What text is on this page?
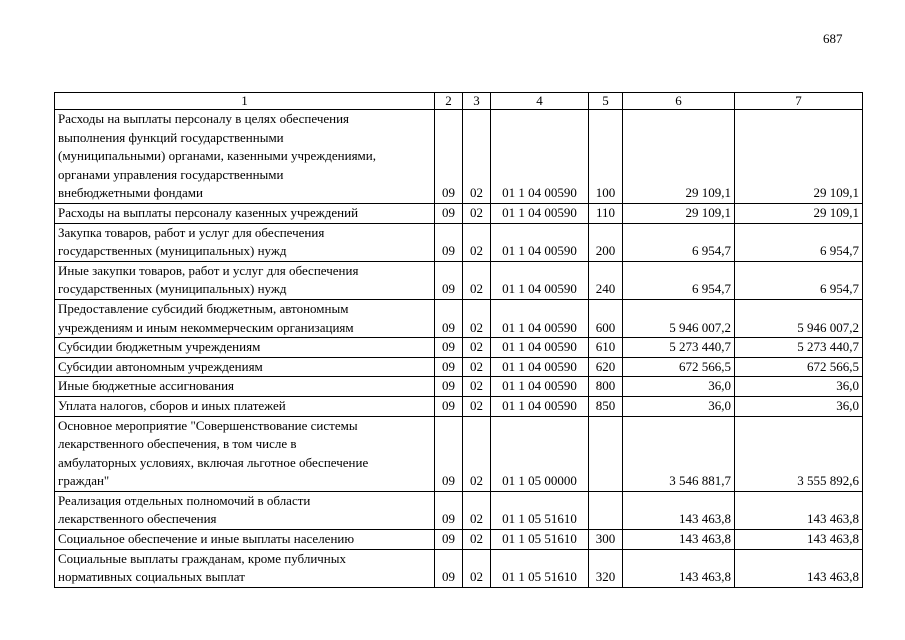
687
1	2	3	4	5	6	7

Расходы на выплаты персоналу в целях обеспечения
выполнения функций государственными
(муниципальными) органами, казенными учреждениями,
органами управления государственными
внебюджетными фондами	09	02	01 1 04 00590	100	29 109,1	29 109,1

Расходы на выплаты персоналу казенных учреждений	09	02	01 1 04 00590	110	29 109,1	29 109,1

Закупка товаров, работ и услуг для обеспечения
государственных (муниципальных) нужд	09	02	01 1 04 00590	200	6 954,7	6 954,7

Иные закупки товаров, работ и услуг для обеспечения
государственных (муниципальных) нужд	09	02	01 1 04 00590	240	6 954,7	6 954,7

Предоставление субсидий бюджетным, автономным
учреждениям и иным некоммерческим организациям	09	02	01 1 04 00590	600	5 946 007,2	5 946 007,2

Субсидии бюджетным учреждениям	09	02	01 1 04 00590	610	5 273 440,7	5 273 440,7

Субсидии автономным учреждениям	09	02	01 1 04 00590	620	672 566,5	672 566,5

Иные бюджетные ассигнования	09	02	01 1 04 00590	800	36,0	36,0

Уплата налогов, сборов и иных платежей	09	02	01 1 04 00590	850	36,0	36,0

Основное мероприятие "Совершенствование системы
лекарственного обеспечения, в том числе в
амбулаторных условиях, включая льготное обеспечение
граждан"	09	02	01 1 05 00000		3 546 881,7	3 555 892,6

Реализация отдельных полномочий в области
лекарственного обеспечения	09	02	01 1 05 51610		143 463,8	143 463,8

Социальное обеспечение и иные выплаты населению	09	02	01 1 05 51610	300	143 463,8	143 463,8

Социальные выплаты гражданам, кроме публичных
нормативных социальных выплат	09	02	01 1 05 51610	320	143 463,8	143 463,8
